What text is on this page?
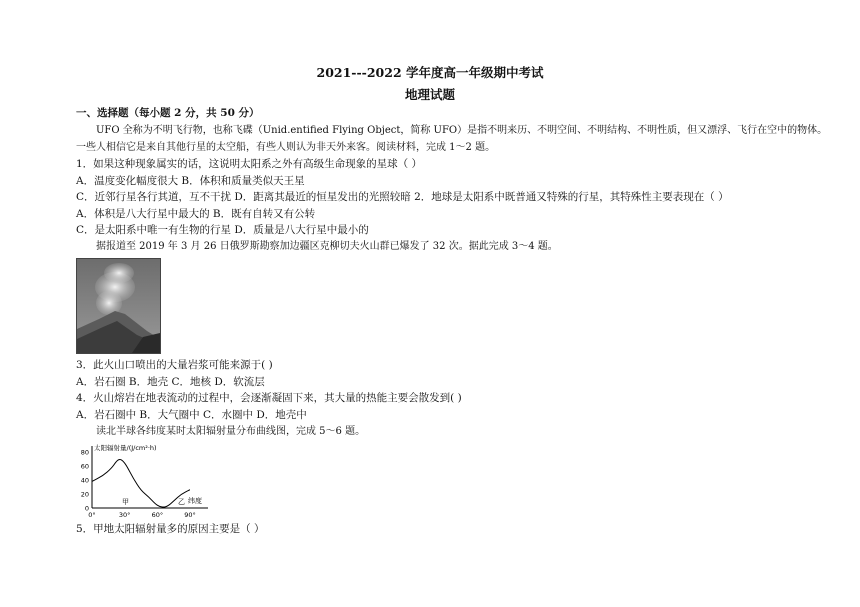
2021---2022 学年度高一年级期中考试
地理试题
一、选择题（每小题 2 分，共 50 分）
UFO 全称为不明飞行物，也称飞碟（Unid.entified Flying Object，简称 UFO）是指不明来历、不明空间、不明结构、不明性质，但又漂浮、飞行在空中的物体。
一些人相信它是来自其他行星的太空船，有些人则认为非天外来客。阅读材料，完成 1～2 题。
1．如果这种现象属实的话，这说明太阳系之外有高级生命现象的星球（ ）
A．温度变化幅度很大 B．体积和质量类似天王星
C．近邻行星各行其道，互不干扰 D．距离其最近的恒星发出的光照较暗 2．地球是太阳系中既普通又特殊的行星，其特殊性主要表现在（ ）
A．体积是八大行星中最大的 B．既有自转又有公转
C．是太阳系中唯一有生物的行星 D．质量是八大行星中最小的
据报道至 2019 年 3 月 26 日俄罗斯勘察加边疆区克柳切夫火山群已爆发了 32 次。据此完成 3～4 题。
3．此火山口喷出的大量岩浆可能来源于( )
A．岩石圈 B．地壳 C．地核 D．软流层
4．火山熔岩在地表流动的过程中，会逐渐凝固下来，其大量的热能主要会散发到( )
A．岩石圈中 B．大气圈中 C．水圈中 D．地壳中
读北半球各纬度某时太阳辐射量分布曲线图，完成 5～6 题。
太阳辐射量/(J/cm²·h)
纬度
0
20
40
60
80
0°	30°	60°	90°
甲	乙
5．甲地太阳辐射量多的原因主要是（ ）
